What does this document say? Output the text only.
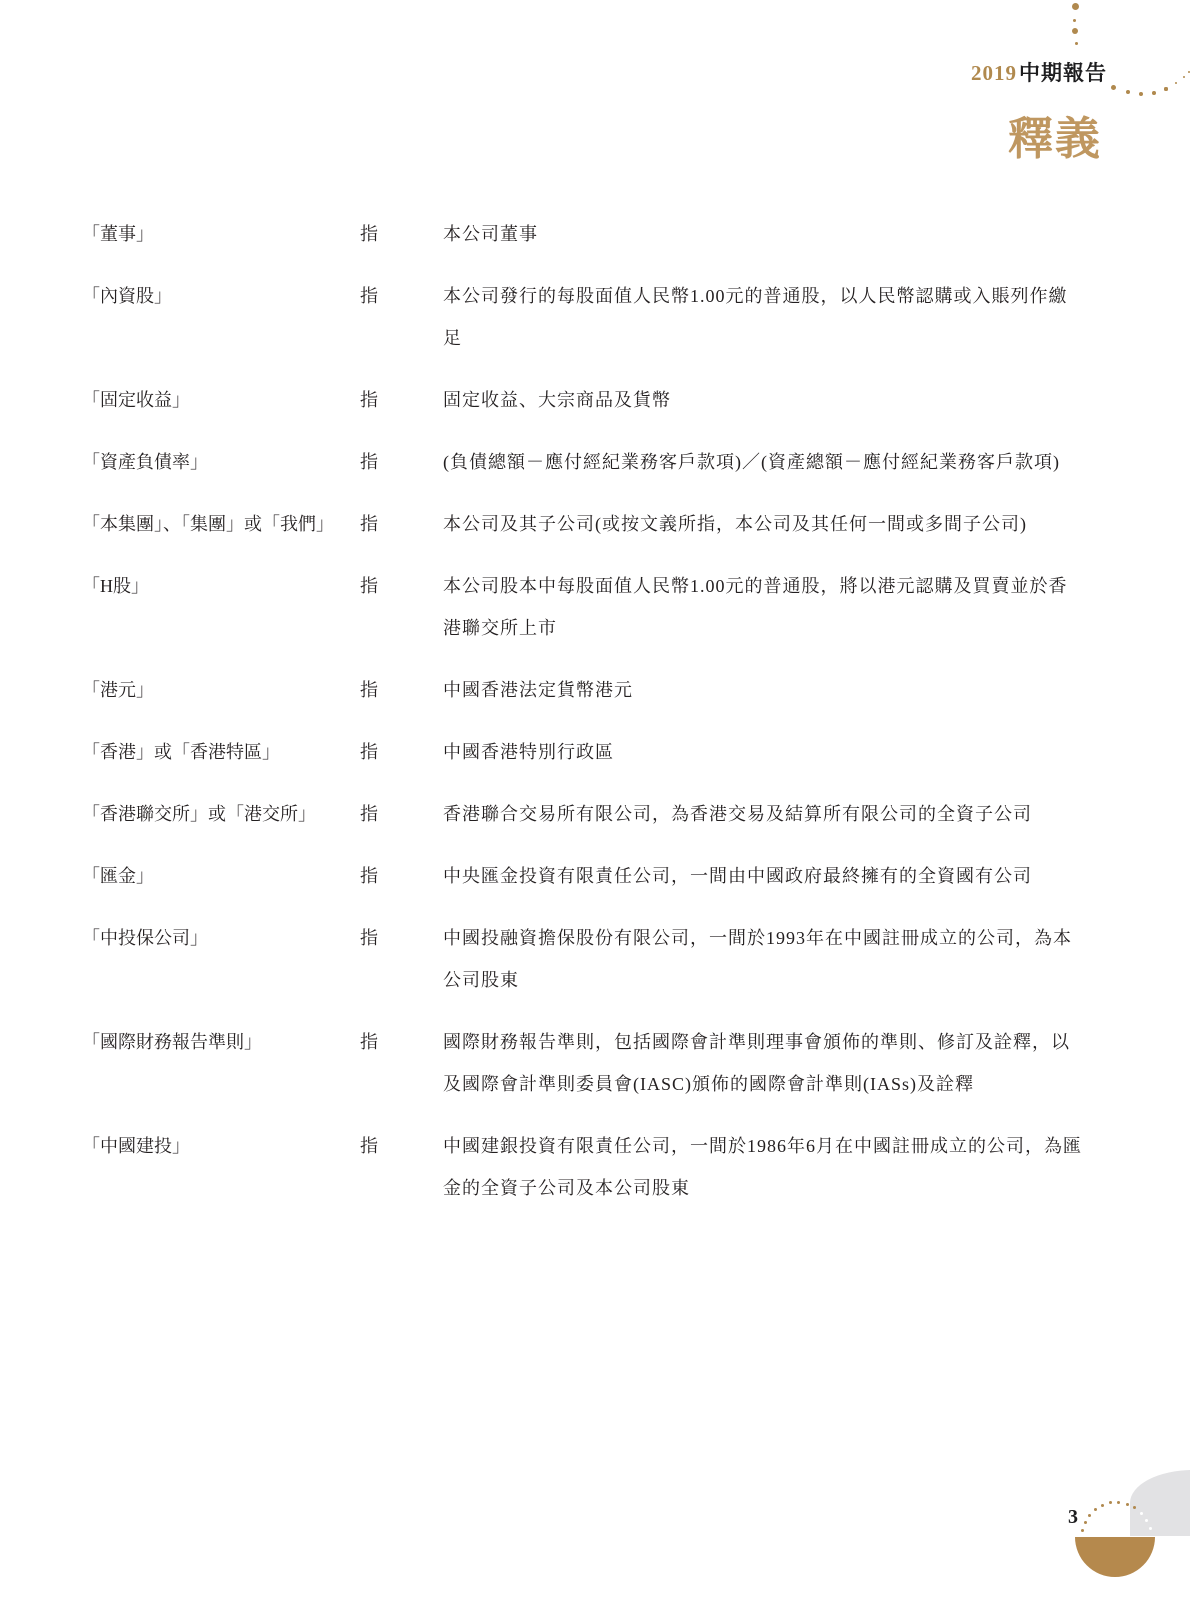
2019中期報告
釋義
「董事」	指	本公司董事
「內資股」	指	本公司發行的每股面值人民幣1.00元的普通股，以人民幣認購或入賬列作繳足
「固定收益」	指	固定收益、大宗商品及貨幣
「資產負債率」	指	(負債總額－應付經紀業務客戶款項)／(資產總額－應付經紀業務客戶款項)
「本集團」、「集團」或「我們」	指	本公司及其子公司(或按文義所指，本公司及其任何一間或多間子公司)
「H股」	指	本公司股本中每股面值人民幣1.00元的普通股，將以港元認購及買賣並於香港聯交所上市
「港元」	指	中國香港法定貨幣港元
「香港」或「香港特區」	指	中國香港特別行政區
「香港聯交所」或「港交所」	指	香港聯合交易所有限公司，為香港交易及結算所有限公司的全資子公司
「匯金」	指	中央匯金投資有限責任公司，一間由中國政府最終擁有的全資國有公司
「中投保公司」	指	中國投融資擔保股份有限公司，一間於1993年在中國註冊成立的公司，為本公司股東
「國際財務報告準則」	指	國際財務報告準則，包括國際會計準則理事會頒佈的準則、修訂及詮釋，以及國際會計準則委員會(IASC)頒佈的國際會計準則(IASs)及詮釋
「中國建投」	指	中國建銀投資有限責任公司，一間於1986年6月在中國註冊成立的公司，為匯金的全資子公司及本公司股東
3
